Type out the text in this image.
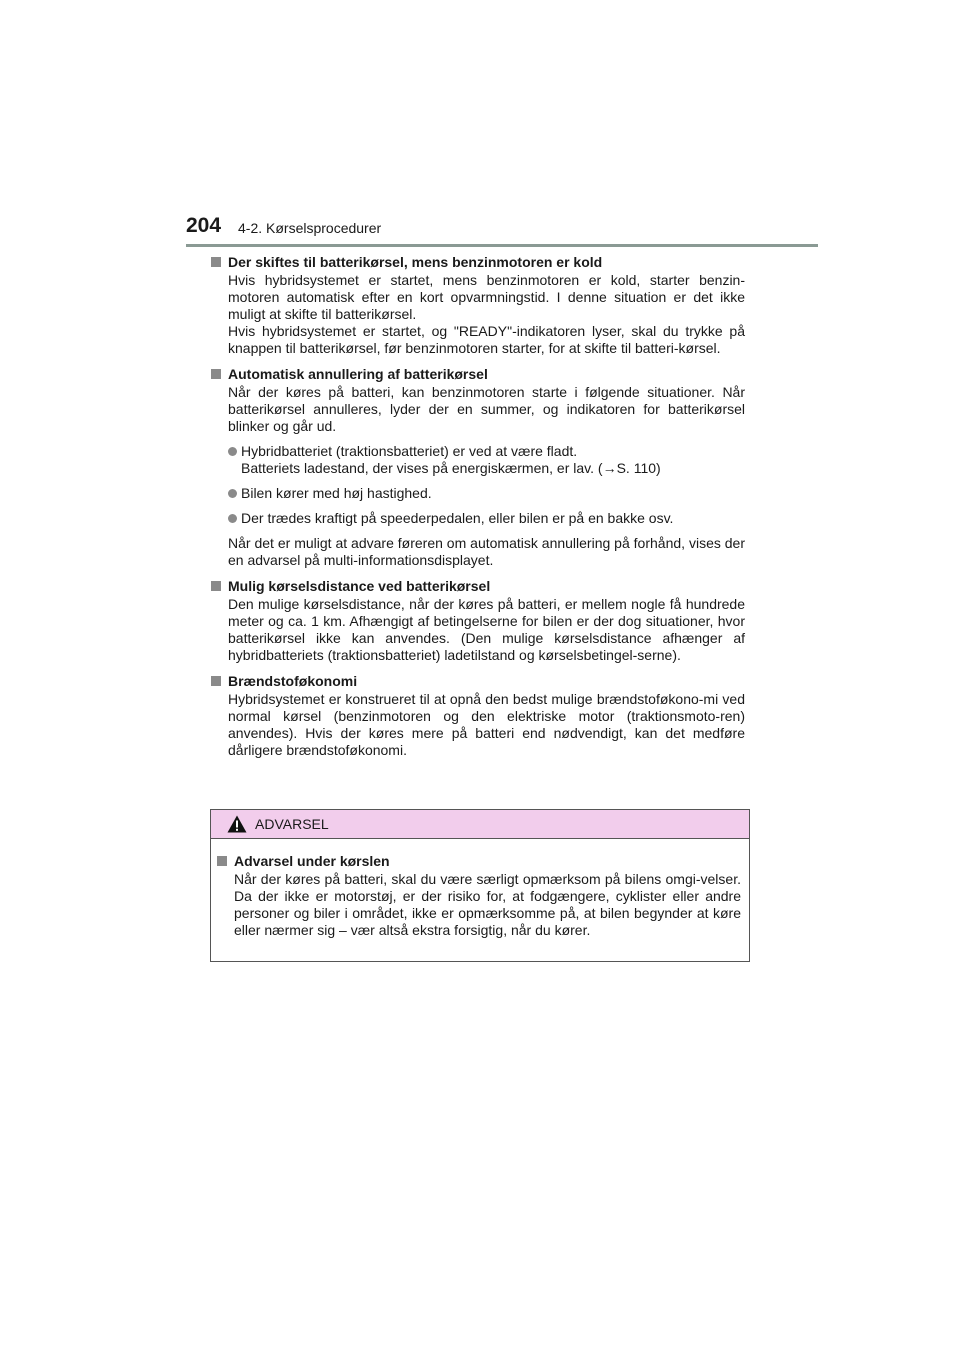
204 4-2. Kørselsprocedurer
Der skiftes til batterikørsel, mens benzinmotoren er kold
Hvis hybridsystemet er startet, mens benzinmotoren er kold, starter benzin-motoren automatisk efter en kort opvarmningstid. I denne situation er det ikke muligt at skifte til batterikørsel.
Hvis hybridsystemet er startet, og "READY"-indikatoren lyser, skal du trykke på knappen til batterikørsel, før benzinmotoren starter, for at skifte til batteri-kørsel.
Automatisk annullering af batterikørsel
Når der køres på batteri, kan benzinmotoren starte i følgende situationer. Når batterikørsel annulleres, lyder der en summer, og indikatoren for batterikørsel blinker og går ud.
Hybridbatteriet (traktionsbatteriet) er ved at være fladt.
Batteriets ladestand, der vises på energiskærmen, er lav. (→S. 110)
Bilen kører med høj hastighed.
Der trædes kraftigt på speederpedalen, eller bilen er på en bakke osv.
Når det er muligt at advare føreren om automatisk annullering på forhånd, vises der en advarsel på multi-informationsdisplayet.
Mulig kørselsdistance ved batterikørsel
Den mulige kørselsdistance, når der køres på batteri, er mellem nogle få hundrede meter og ca. 1 km. Afhængigt af betingelserne for bilen er der dog situationer, hvor batterikørsel ikke kan anvendes. (Den mulige kørselsdistance afhænger af hybridbatteriets (traktionsbatteriet) ladetilstand og kørselsbetingel-serne).
Brændstoføkonomi
Hybridsystemet er konstrueret til at opnå den bedst mulige brændstoføkono-mi ved normal kørsel (benzinmotoren og den elektriske motor (traktionsmoto-ren) anvendes). Hvis der køres mere på batteri end nødvendigt, kan det medføre dårligere brændstoføkonomi.
ADVARSEL
Advarsel under kørslen
Når der køres på batteri, skal du være særligt opmærksom på bilens omgi-velser. Da der ikke er motorstøj, er der risiko for, at fodgængere, cyklister eller andre personer og biler i området, ikke er opmærksomme på, at bilen begynder at køre eller nærmer sig – vær altså ekstra forsigtig, når du kører.
